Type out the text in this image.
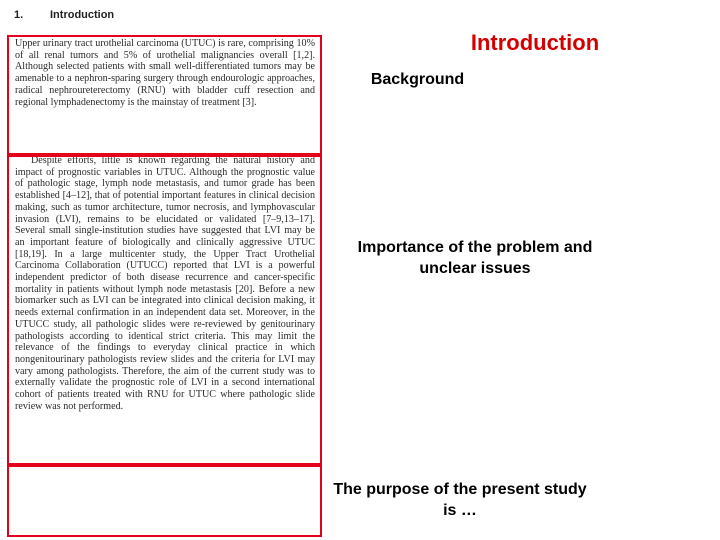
1. Introduction

Upper urinary tract urothelial carcinoma (UTUC) is rare, comprising 10% of all renal tumors and 5% of urothelial malignancies overall [1,2]. Although selected patients with small well-differentiated tumors may be amenable to a nephron-sparing surgery through endourologic approaches, radical nephroureterectomy (RNU) with bladder cuff resection and regional lymphadenectomy is the mainstay of treatment [3].

Despite efforts, little is known regarding the natural history and impact of prognostic variables in UTUC. Although the prognostic value of pathologic stage, lymph node metastasis, and tumor grade has been established [4–12], that of potential important features in clinical decision making, such as tumor architecture, tumor necrosis, and lymphovascular invasion (LVI), remains to be elucidated or validated [7–9,13–17]. Several small single-institution studies have suggested that LVI may be an important feature of biologically and clinically aggressive UTUC [18,19]. In a large multicenter study, the Upper Tract Urothelial Carcinoma Collaboration (UTUCC) reported that LVI is a powerful independent predictor of both disease recurrence and cancer-specific mortality in patients without lymph node metastasis [20]. Before a new biomarker such as LVI can be integrated into clinical decision making, it needs external confirmation in an independent data set. Moreover, in the UTUCC study, all pathologic slides were re-reviewed by genitourinary pathologists according to identical strict criteria. This may limit the relevance of the findings to everyday clinical practice in which nongenitourinary pathologists review slides and the criteria for LVI may vary among pathologists. Therefore, the aim of the current study was to externally validate the prognostic role of LVI in a second international cohort of patients treated with RNU for UTUC where pathologic slide review was not performed.

Introduction
Background
Importance of the problem and unclear issues
The purpose of the present study is …
